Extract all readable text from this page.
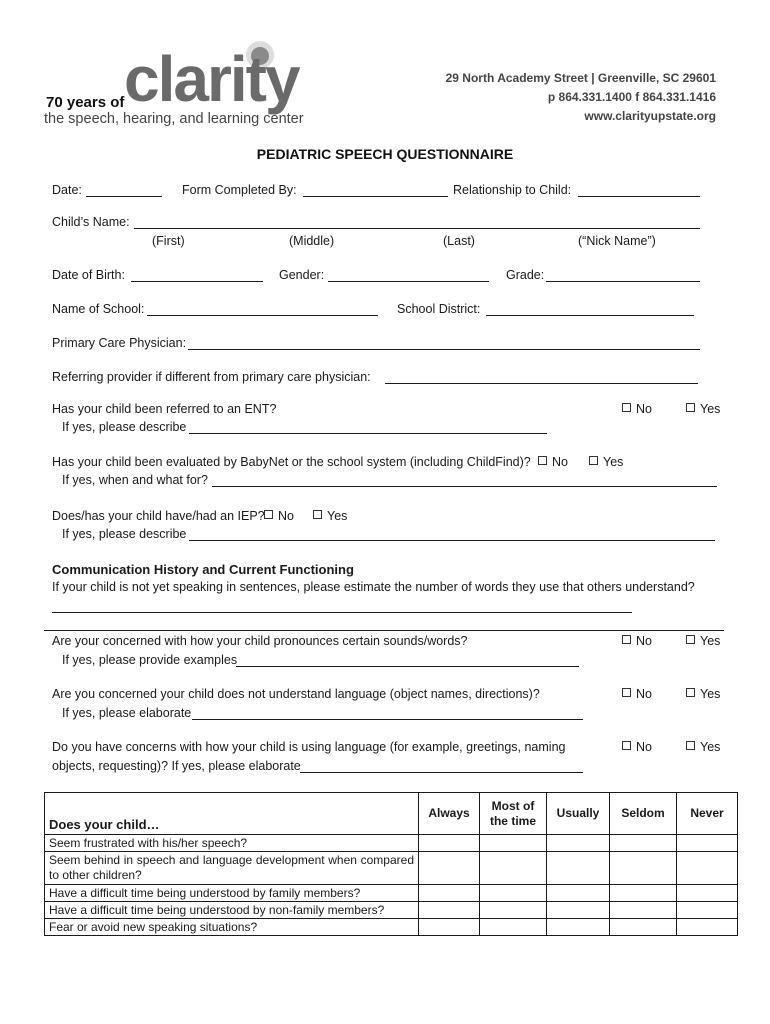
clarity
70 years of
the speech, hearing, and learning center
29 North Academy Street | Greenville, SC 29601
p 864.331.1400 f 864.331.1416
www.clarityupstate.org
PEDIATRIC SPEECH QUESTIONNAIRE
Date:	Form Completed By:	Relationship to Child:
Child’s Name:
(First)	(Middle)	(Last)	(“Nick Name”)
Date of Birth:	Gender:	Grade:
Name of School:	School District:
Primary Care Physician:
Referring provider if different from primary care physician:
Has your child been referred to an ENT?	No	Yes
If yes, please describe
Has your child been evaluated by BabyNet or the school system (including ChildFind)?	No	Yes
If yes, when and what for?
Does/has your child have/had an IEP?	No	Yes
If yes, please describe
Communication History and Current Functioning
If your child is not yet speaking in sentences, please estimate the number of words they use that others understand?
Are your concerned with how your child pronounces certain sounds/words?	No	Yes
If yes, please provide examples
Are you concerned your child does not understand language (object names, directions)?	No	Yes
If yes, please elaborate
Do you have concerns with how your child is using language (for example, greetings, naming	No	Yes
objects, requesting)? If yes, please elaborate
Does your child…	Always	Most of the time	Usually	Seldom	Never
Seem frustrated with his/her speech?					
Seem behind in speech and language development when compared to other children?					
Have a difficult time being understood by family members?					
Have a difficult time being understood by non-family members?					
Fear or avoid new speaking situations?					
